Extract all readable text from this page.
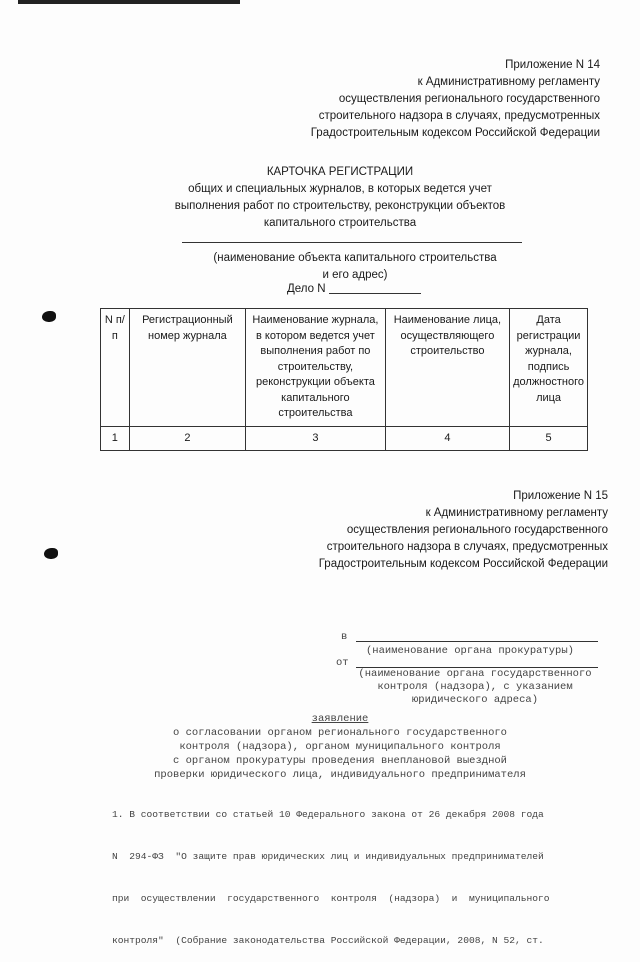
Приложение N 14
к Административному регламенту
осуществления регионального государственного
строительного надзора в случаях, предусмотренных
Градостроительным кодексом Российской Федерации
КАРТОЧКА РЕГИСТРАЦИИ
общих и специальных журналов, в которых ведется учет
выполнения работ по строительству, реконструкции объектов
капитального строительства
(наименование объекта капитального строительства
и его адрес)
Дело N
N п/п	Регистрационный номер журнала	Наименование журнала, в котором ведется учет выполнения работ по строительству, реконструкции объекта капитального строительства	Наименование лица, осуществляющего строительство	Дата регистрации журнала, подпись должностного лица
1	2	3	4	5
Приложение N 15
к Административному регламенту
осуществления регионального государственного
строительного надзора в случаях, предусмотренных
Градостроительным кодексом Российской Федерации
в
(наименование органа прокуратуры)
от
(наименование органа государственного
контроля (надзора), с указанием
юридического адреса)
заявление
о согласовании органом регионального государственного
контроля (надзора), органом муниципального контроля
с органом прокуратуры проведения внеплановой выездной
проверки юридического лица, индивидуального предпринимателя

1. В соответствии со статьей 10 Федерального закона от 26 декабря 2008 года

N  294-ФЗ  "О защите прав юридических лиц и индивидуальных предпринимателей

при  осуществлении  государственного  контроля  (надзора)  и  муниципального

контроля"  (Собрание законодательства Российской Федерации, 2008, N 52, ст.
